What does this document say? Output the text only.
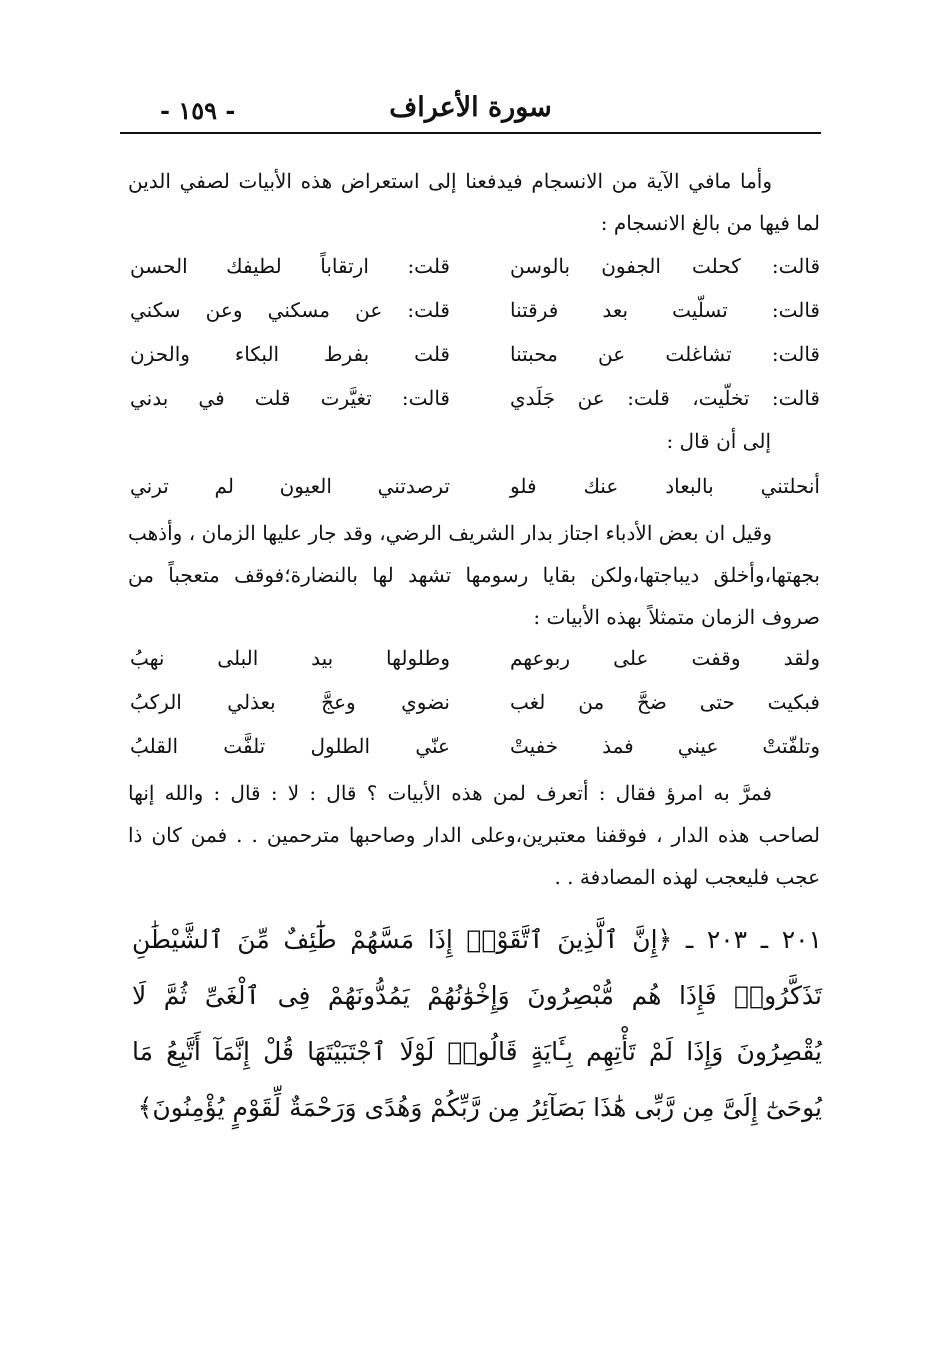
- ١٥٩ -	سورة الأعراف

وأما مافي الآية من الانسجام فيدفعنا إلى استعراض هذه الأبيات لصفي الدين لما فيها من بالغ الانسجام :

قالت: كحلت الجفون بالوسن
قلت: ارتقاباً لطيفك الحسن
قالت: تسلّيت بعد فرقتنا
قلت: عن مسكني وعن سكني
قالت: تشاغلت عن محبتنا
قلت بفرط البكاء والحزن
قالت: تخلّيت، قلت: عن جَلَدي
قالت: تغيَّرت قلت في بدني

إلى أن قال :

أنحلتني بالبعاد عنك فلو
ترصدتني العيون لم ترني

وقيل ان بعض الأدباء اجتاز بدار الشريف الرضي، وقد جار عليها الزمان ، وأذهب بجهتها،وأخلق ديباجتها،ولكن بقايا رسومها تشهد لها بالنضارة؛فوقف متعجباً من صروف الزمان متمثلاً بهذه الأبيات :

ولقد وقفت على ربوعهم
وطلولها بيد البلى نهبُ
فبكيت حتى ضحَّ من لغب
نضوي وعجَّ بعذلي الركبُ
وتلفّتتْ عيني فمذ خفيتْ
عنّي الطلول تلفَّت القلبُ

فمرَّ به امرؤ فقال : أتعرف لمن هذه الأبيات ؟ قال : لا : قال : والله إنها لصاحب هذه الدار ، فوقفنا معتبرين،وعلى الدار وصاحبها مترحمين . . فمن كان ذا عجب فليعجب لهذه المصادفة . .

٢٠١ ـ ٢٠٣ ـ ﴿إِنَّ ٱلَّذِينَ ٱتَّقَوْا۟ إِذَا مَسَّهُمْ طَٰٓئِفٌ مِّنَ ٱلشَّيْطَٰنِ تَذَكَّرُوا۟ فَإِذَا هُم مُّبْصِرُونَ وَإِخْوَٰنُهُمْ يَمُدُّونَهُمْ فِى ٱلْغَىِّ ثُمَّ لَا يُقْصِرُونَ وَإِذَا لَمْ تَأْتِهِم بِـَٔايَةٍ قَالُوا۟ لَوْلَا ٱجْتَبَيْتَهَا قُلْ إِنَّمَآ أَتَّبِعُ مَا يُوحَىٰٓ إِلَىَّ مِن رَّبِّى هَٰذَا بَصَآئِرُ مِن رَّبِّكُمْ وَهُدًى وَرَحْمَةٌ لِّقَوْمٍ يُؤْمِنُونَ﴾
